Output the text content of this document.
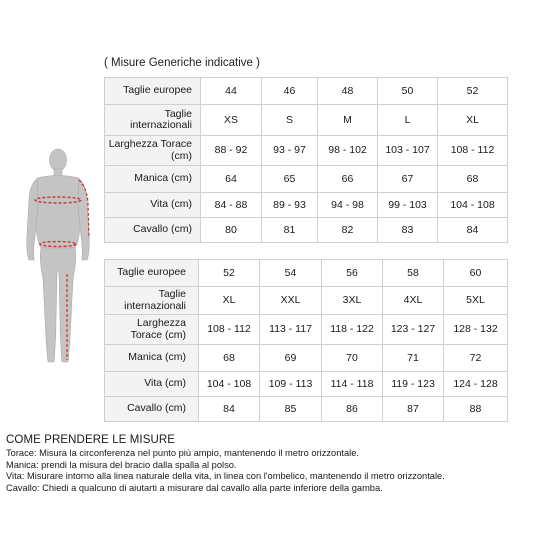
( Misure Generiche indicative )
Taglie europee	44	46	48	50	52
Taglie internazionali	XS	S	M	L	XL
Larghezza Torace (cm)	88 - 92	93 - 97	98 - 102	103 - 107	108 - 112
Manica (cm)	64	65	66	67	68
Vita (cm)	84 - 88	89 - 93	94 - 98	99 - 103	104 - 108
Cavallo (cm)	80	81	82	83	84
Taglie europee	52	54	56	58	60
Taglie internazionali	XL	XXL	3XL	4XL	5XL
Larghezza Torace (cm)	108 - 112	113 - 117	118 - 122	123 - 127	128 - 132
Manica (cm)	68	69	70	71	72
Vita (cm)	104 - 108	109 - 113	114 - 118	119 - 123	124 - 128
Cavallo (cm)	84	85	86	87	88
COME PRENDERE LE MISURE
Torace: Misura la circonferenza nel punto più ampio, mantenendo il metro orizzontale.
Manica: prendi la misura del bracio dalla spalla al polso.
Vita: Misurare intorno alla linea naturale della vita, in linea con l'ombelico, mantenendo il metro orizzontale.
Cavallo: Chiedi a qualcuno di aiutarti a misurare dal cavallo alla parte inferiore della gamba.
